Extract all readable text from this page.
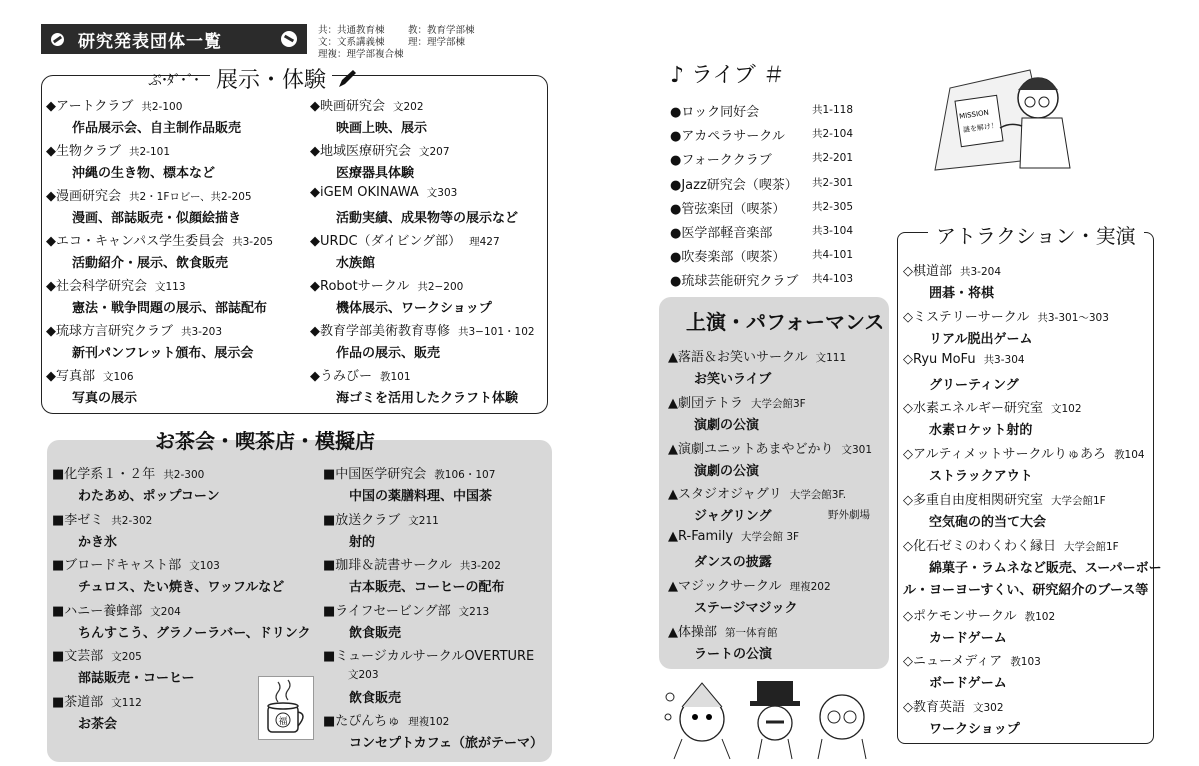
研究発表団体一覧
共：共通教育棟 教：教育学部棟
文：文系講義棟 理：理学部棟
理複：理学部複合棟
ぷ･ﾀﾞ･ﾞ･ 展示・体験
◆アートクラブ 共2-100
作品展示会、自主制作品販売
◆生物クラブ 共2-101
沖縄の生き物、標本など
◆漫画研究会 共2・1Fロビー、共2-205
漫画、部誌販売・似顔絵描き
◆エコ・キャンパス学生委員会 共3-205
活動紹介・展示、飲食販売
◆社会科学研究会 文113
憲法・戦争問題の展示、部誌配布
◆琉球方言研究クラブ 共3-203
新刊パンフレット頒布、展示会
◆写真部 文106
写真の展示
◆映画研究会 文202
映画上映、展示
◆地域医療研究会 文207
医療器具体験
◆iGEM OKINAWA 文303
活動実績、成果物等の展示など
◆URDC（ダイビング部） 理427
水族館
◆Robotサークル 共2−200
機体展示、ワークショップ
◆教育学部美術教育専修 共3−101・102
作品の展示、販売
◆うみびー 教101
海ゴミを活用したクラフト体験
お茶会・喫茶店・模擬店
■化学系１・２年 共2-300
わたあめ、ポップコーン
■李ゼミ 共2-302
かき氷
■ブロードキャスト部 文103
チュロス、たい焼き、ワッフルなど
■ハニー養蜂部 文204
ちんすこう、グラノーラバー、ドリンク
■文芸部 文205
部誌販売・コーヒー
■茶道部 文112
お茶会
■中国医学研究会 教106・107
中国の薬膳料理、中国茶
■放送クラブ 文211
射的
■珈琲＆読書サークル 共3-202
古本販売、コーヒーの配布
■ライフセービング部 文213
飲食販売
■ミュージカルサークルOVERTURE
文203
飲食販売
■たぴんちゅ 理複102
コンセプトカフェ（旅がテーマ）
福
♪ ライブ ＃
●ロック同好会	共1-118
●アカペラサークル	共2-104
●フォーククラブ	共2-201
●Jazz研究会（喫茶） 共2-301
●管弦楽団（喫茶）	共2-305
●医学部軽音楽部	共3-104
●吹奏楽部（喫茶）	共4-101
●琉球芸能研究クラブ 共4-103
MISSION
謎を解け！
上演・パフォーマンス
▲落語＆お笑いサークル 文111
お笑いライブ
▲劇団テトラ 大学会館3F
演劇の公演
▲演劇ユニットあまやどかり 文301
演劇の公演
▲スタジオジャグリ 大学会館3F.
ジャグリング	野外劇場
▲R-Family 大学会館 3F
ダンスの披露
▲マジックサークル 理複202
ステージマジック
▲体操部 第一体育館
ラートの公演
アトラクション・実演
◇棋道部 共3-204
囲碁・将棋
◇ミステリーサークル 共3-301〜303
リアル脱出ゲーム
◇Ryu MoFu 共3-304
グリーティング
◇水素エネルギー研究室 文102
水素ロケット射的
◇アルティメットサークルりゅあろ 教104
ストラックアウト
◇多重自由度相関研究室 大学会館1F
空気砲の的当て大会
◇化石ゼミのわくわく縁日 大学会館1F
綿菓子・ラムネなど販売、スーパーボー
ル・ヨーヨーすくい、研究紹介のブース等
◇ポケモンサークル 教102
カードゲーム
◇ニューメディア 教103
ボードゲーム
◇教育英語 文302
ワークショップ
